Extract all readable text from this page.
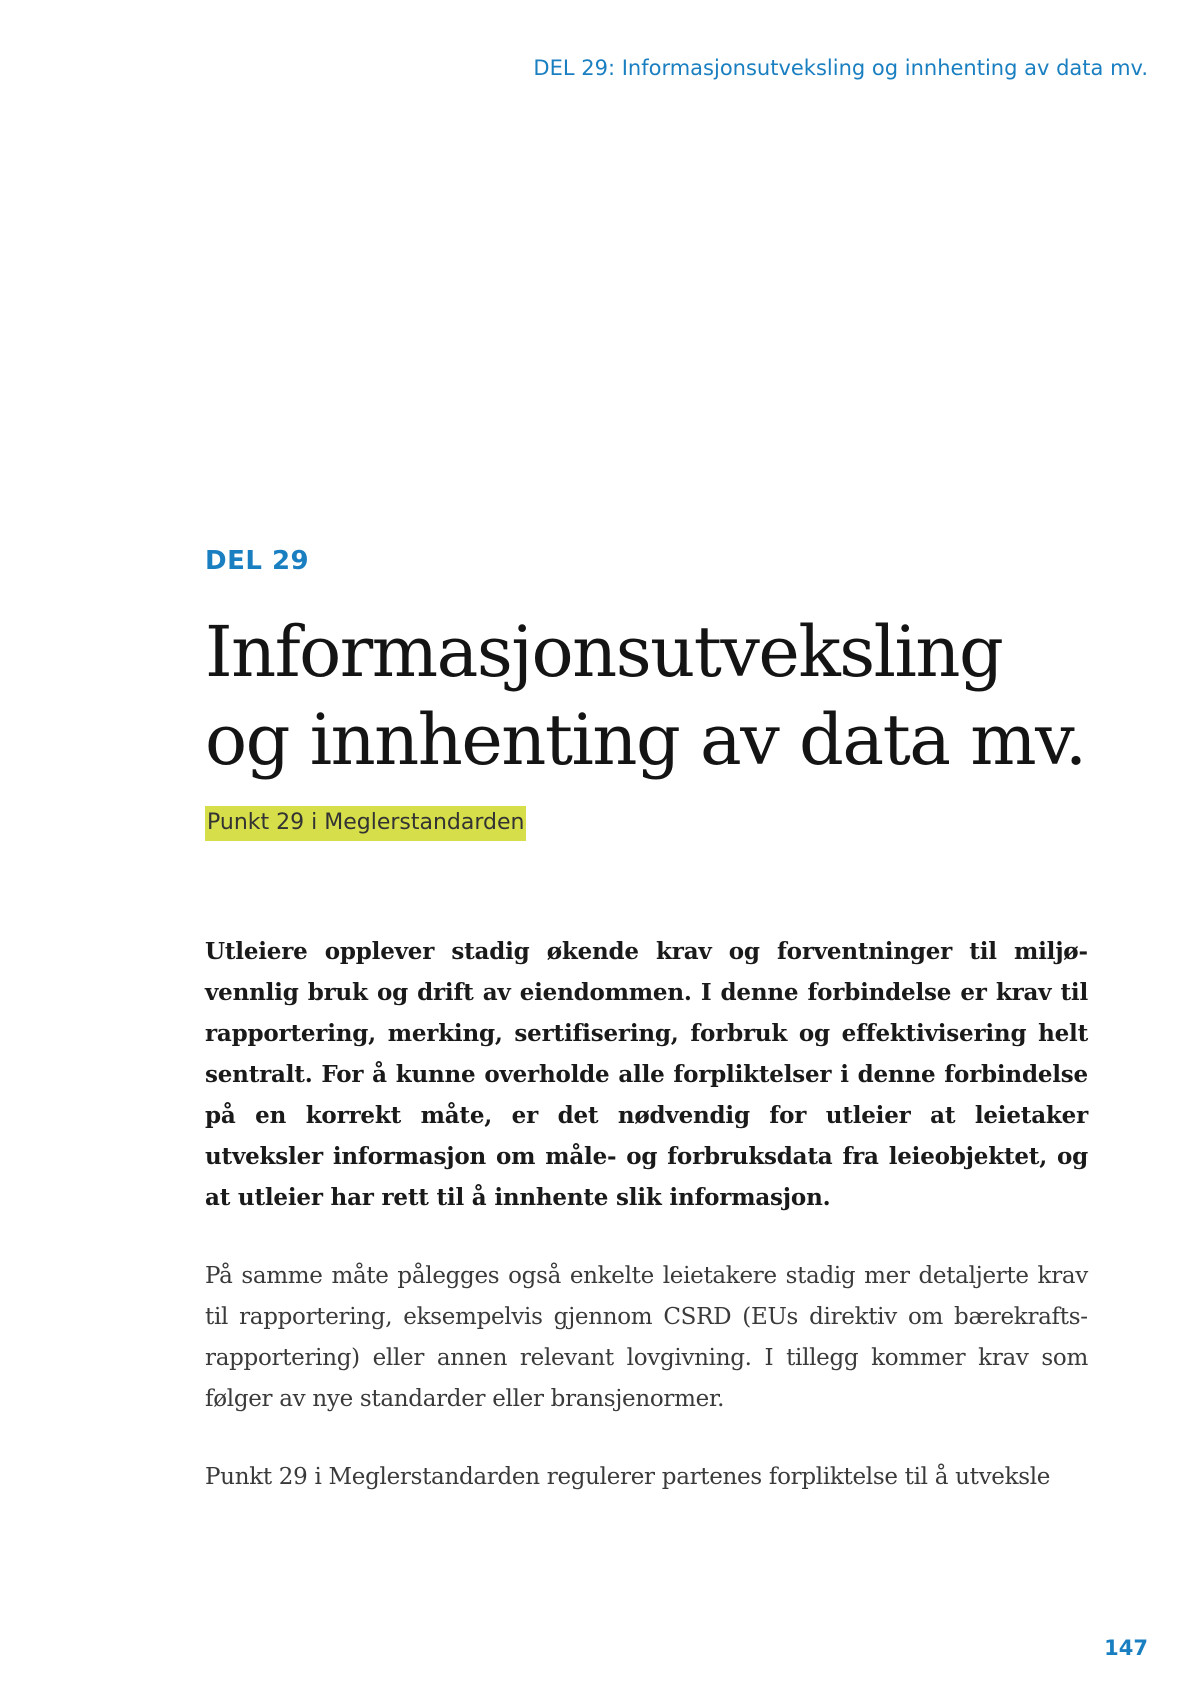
DEL 29: Informasjonsutveksling og innhenting av data mv.
DEL 29
Informasjonsutveksling
og innhenting av data mv.
Punkt 29 i Meglerstandarden

Utleiere opplever stadig økende krav og forventninger til miljøvennlig bruk og drift av eiendommen. I denne forbindelse er krav til rapportering, merking, sertifisering, forbruk og effektivisering helt sentralt. For å kunne overholde alle forpliktelser i denne forbindelse på en korrekt måte, er det nødvendig for utleier at leietaker utveksler informasjon om måle- og forbruksdata fra leieobjektet, og at utleier har rett til å innhente slik informasjon.

På samme måte pålegges også enkelte leietakere stadig mer detaljerte krav til rapportering, eksempelvis gjennom CSRD (EUs direktiv om bærekraftsrapportering) eller annen relevant lovgivning. I tillegg kommer krav som følger av nye standarder eller bransjenormer.

Punkt 29 i Meglerstandarden regulerer partenes forpliktelse til å utveksle

147
